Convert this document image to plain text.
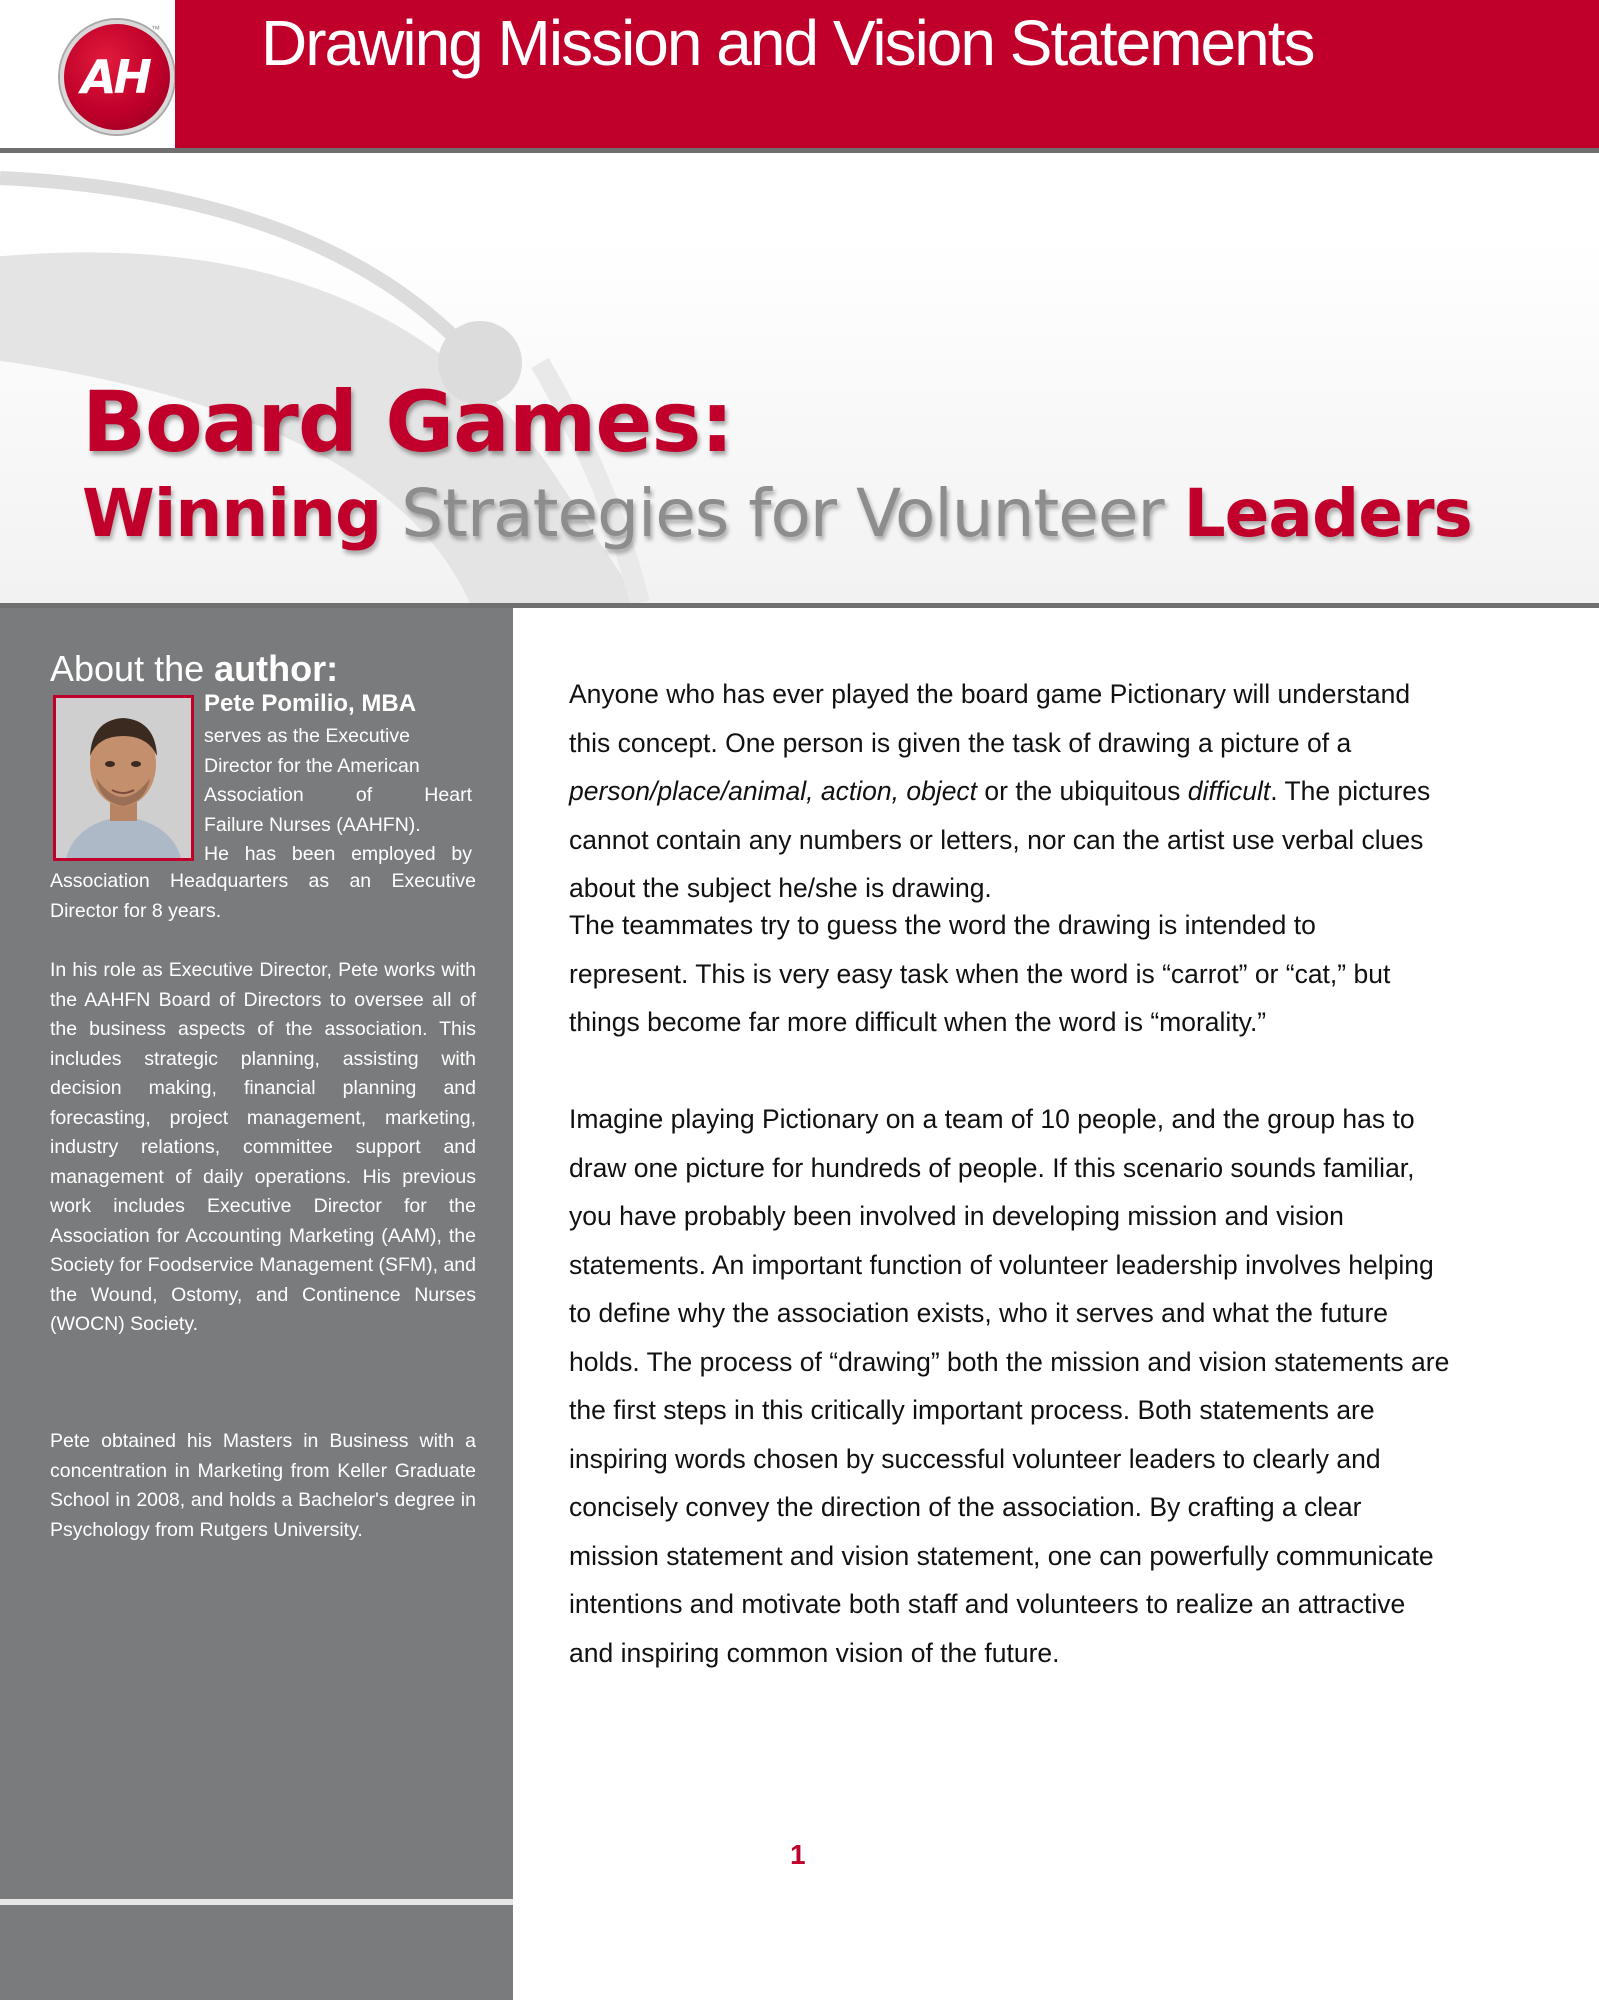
AH
™ Drawing Mission and Vision Statements
Board Games:
Winning Strategies for Volunteer Leaders
About the author:
Pete Pomilio, MBA
serves as the Executive
Director for the American
Association of Heart
Failure Nurses (AAHFN).
He has been employed by
Association Headquarters as an Executive Director for 8 years.
In his role as Executive Director, Pete works with the AAHFN Board of Directors to oversee all of the business aspects of the association. This includes strategic planning, assisting with decision making, financial planning and forecasting, project management, marketing, industry relations, committee support and management of daily operations. His previous work includes Executive Director for the Association for Accounting Marketing (AAM), the Society for Foodservice Management (SFM), and the Wound, Ostomy, and Continence Nurses (WOCN) Society.
Pete obtained his Masters in Business with a concentration in Marketing from Keller Graduate School in 2008, and holds a Bachelor's degree in Psychology from Rutgers University.
Anyone who has ever played the board game Pictionary will understand
this concept. One person is given the task of drawing a picture of a
person/place/animal, action, object or the ubiquitous difficult. The pictures
cannot contain any numbers or letters, nor can the artist use verbal clues
about the subject he/she is drawing.
The teammates try to guess the word the drawing is intended to
represent. This is very easy task when the word is “carrot” or “cat,” but
things become far more difficult when the word is “morality.”
Imagine playing Pictionary on a team of 10 people, and the group has to
draw one picture for hundreds of people. If this scenario sounds familiar,
you have probably been involved in developing mission and vision
statements. An important function of volunteer leadership involves helping
to define why the association exists, who it serves and what the future
holds. The process of “drawing” both the mission and vision statements are
the first steps in this critically important process. Both statements are
inspiring words chosen by successful volunteer leaders to clearly and
concisely convey the direction of the association. By crafting a clear
mission statement and vision statement, one can powerfully communicate
intentions and motivate both staff and volunteers to realize an attractive
and inspiring common vision of the future.
1
